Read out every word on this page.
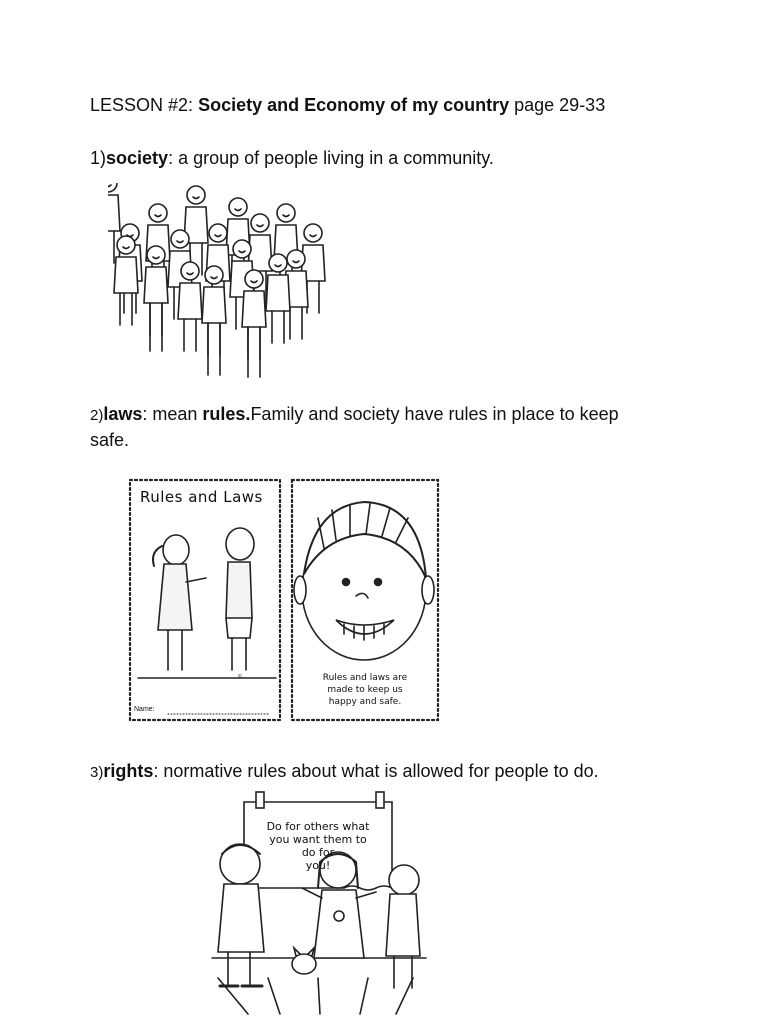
LESSON #2: Society and Economy of my country page 29-33
1)society: a group of people living in a community.
2)laws: mean rules.Family and society have rules in place to keep
safe.
Rules and Laws
Name:
©	Rules and laws are
made to keep us
happy and safe.
3)rights: normative rules about what is allowed for people to do.
Do for others what
you want them to
do for
you!
